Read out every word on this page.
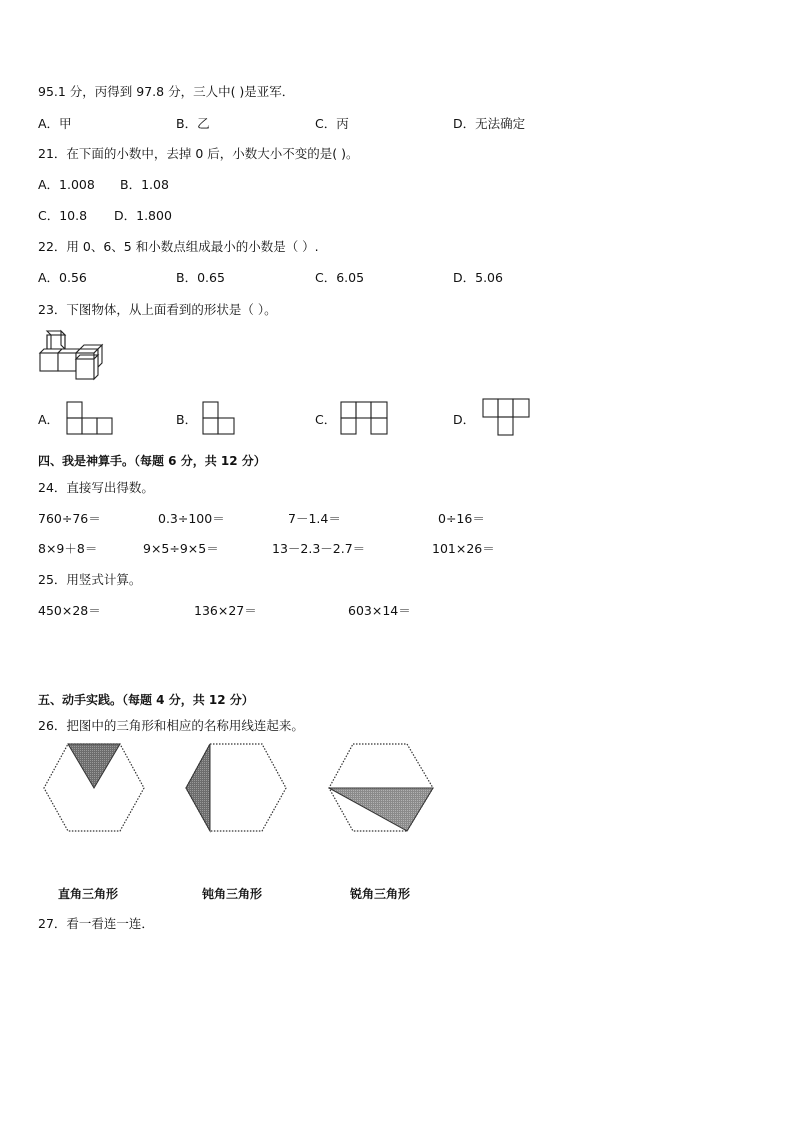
95.1 分，丙得到 97.8 分，三人中( )是亚军．
A．甲	B．乙	C．丙	D．无法确定
21．在下面的小数中，去掉 0 后，小数大小不变的是( )。
A．1.008 B．1.08
C．10.8 D．1.800
22．用 0、6、5 和小数点组成最小的小数是（ ）.
A．0.56	B．0.65	C．6.05	D．5.06
23．下图物体，从上面看到的形状是（ ）。
A．	B．	C．	D．
四、我是神算手。（每题 6 分，共 12 分）
24．直接写出得数。
760÷76＝	0.3÷100＝	7－1.4＝	0÷16＝
8×9＋8＝	9×5÷9×5＝	13－2.3－2.7＝	101×26＝
25．用竖式计算。
450×28＝	136×27＝	603×14＝
五、动手实践。（每题 4 分，共 12 分）
26．把图中的三角形和相应的名称用线连起来。
直角三角形	钝角三角形	锐角三角形
27．看一看连一连．
